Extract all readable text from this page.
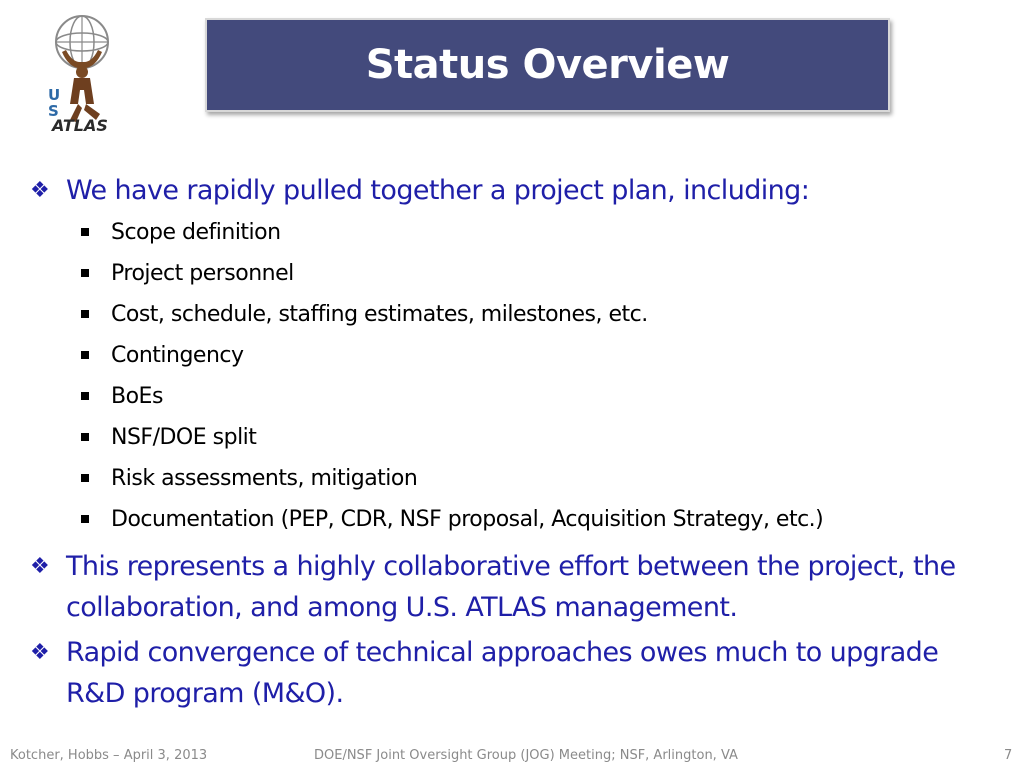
U
S
ATLAS
Status Overview
❖ We have rapidly pulled together a project plan, including:
Scope definition
Project personnel
Cost, schedule, staffing estimates, milestones, etc.
Contingency
BoEs
NSF/DOE split
Risk assessments, mitigation
Documentation (PEP, CDR, NSF proposal, Acquisition Strategy, etc.)
❖ This represents a highly collaborative effort between the project, the collaboration, and among U.S. ATLAS management.
❖ Rapid convergence of technical approaches owes much to upgrade R&D program (M&O).
Kotcher, Hobbs – April 3, 2013	DOE/NSF Joint Oversight Group (JOG) Meeting; NSF, Arlington, VA	7
